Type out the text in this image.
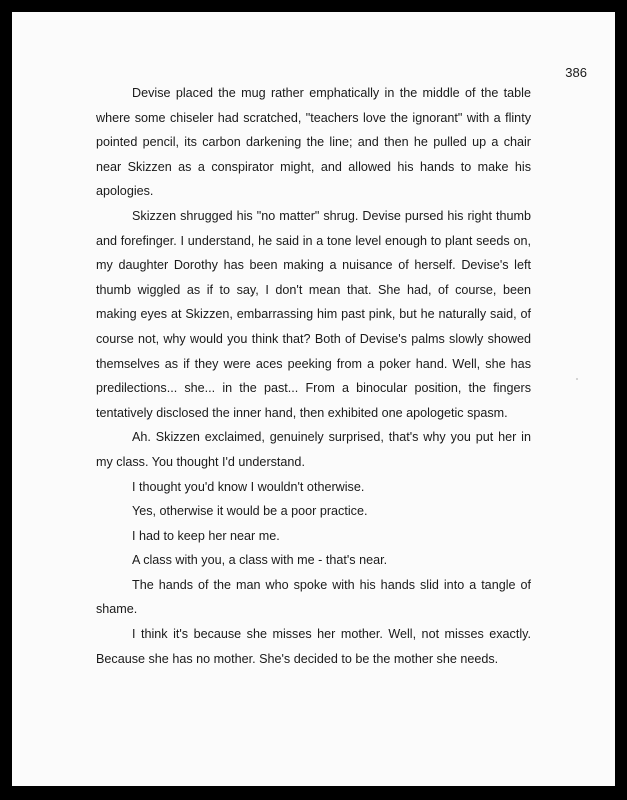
386

Devise placed the mug rather emphatically in the middle of the table where some chiseler had scratched, "teachers love the ignorant" with a flinty pointed pencil, its carbon darkening the line; and then he pulled up a chair near Skizzen as a conspirator might, and allowed his hands to make his apologies.

Skizzen shrugged his "no matter" shrug. Devise pursed his right thumb and forefinger. I understand, he said in a tone level enough to plant seeds on, my daughter Dorothy has been making a nuisance of herself. Devise's left thumb wiggled as if to say, I don't mean that. She had, of course, been making eyes at Skizzen, embarrassing him past pink, but he naturally said, of course not, why would you think that? Both of Devise's palms slowly showed themselves as if they were aces peeking from a poker hand. Well, she has predilections... she... in the past... From a binocular position, the fingers tentatively disclosed the inner hand, then exhibited one apologetic spasm.

Ah. Skizzen exclaimed, genuinely surprised, that's why you put her in my class. You thought I'd understand.

I thought you'd know I wouldn't otherwise.

Yes, otherwise it would be a poor practice.

I had to keep her near me.

A class with you, a class with me - that's near.

The hands of the man who spoke with his hands slid into a tangle of shame.

I think it's because she misses her mother. Well, not misses exactly. Because she has no mother. She's decided to be the mother she needs.
